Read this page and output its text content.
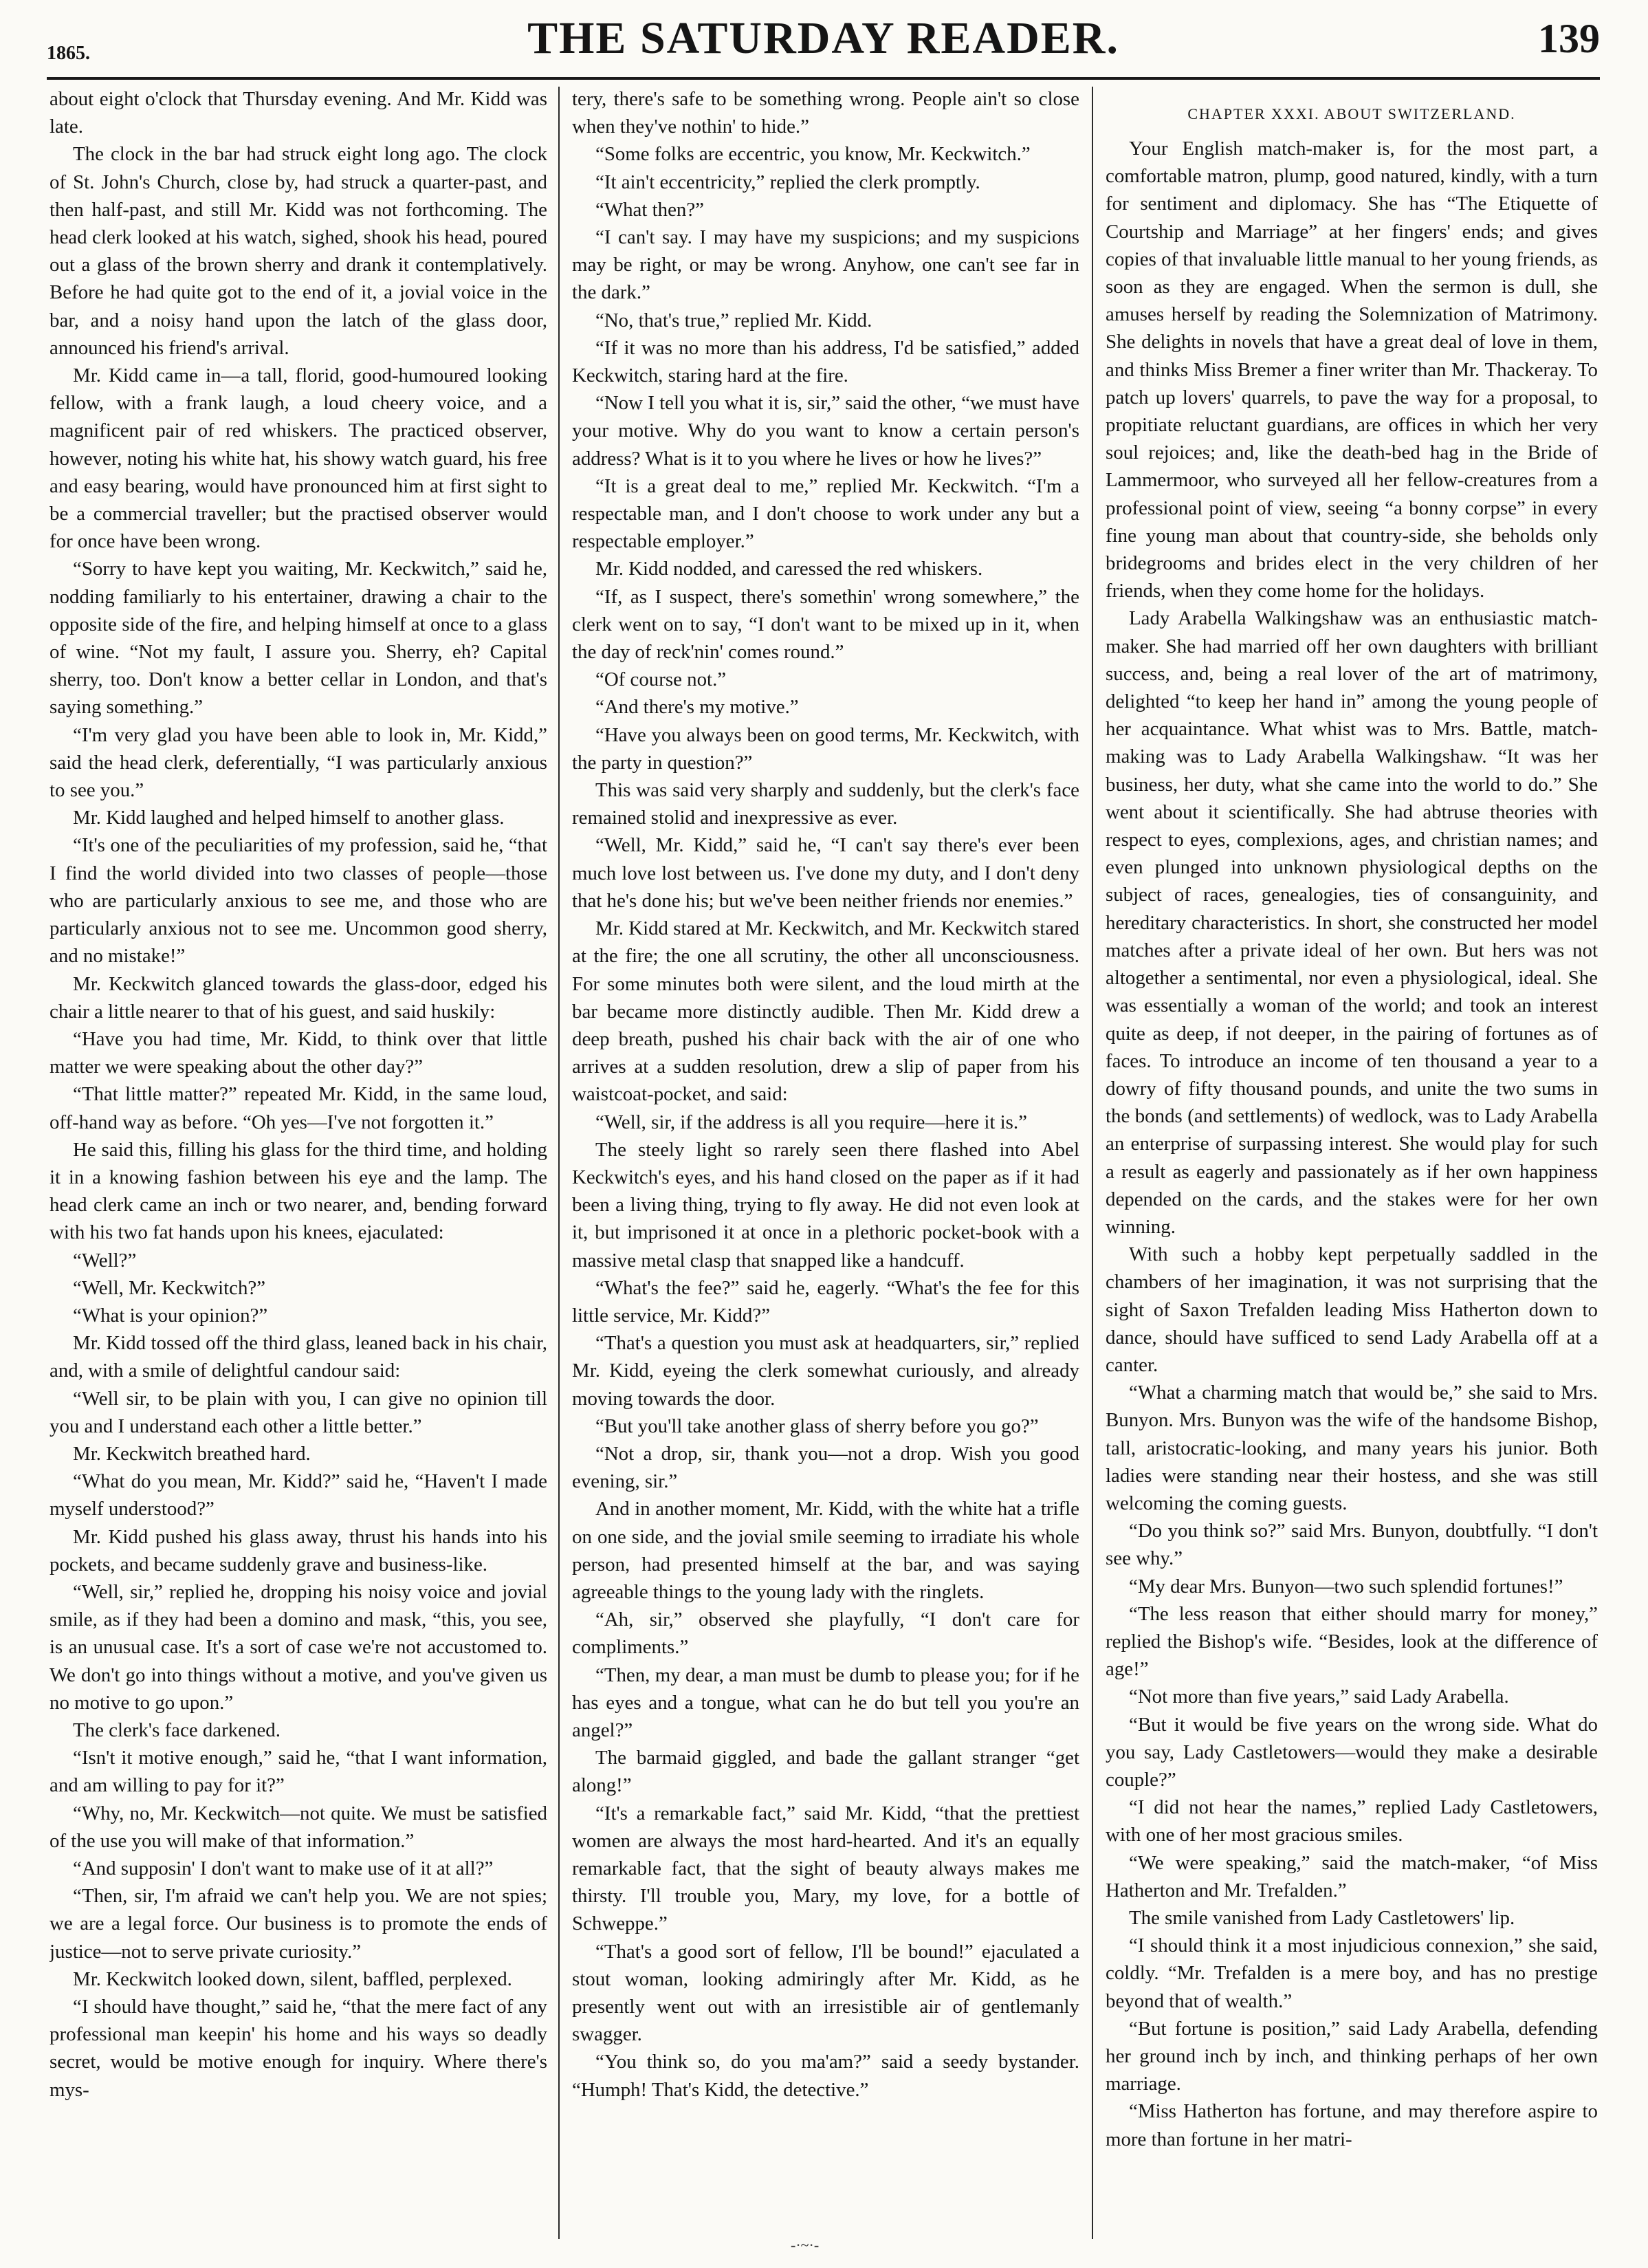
1865.	THE SATURDAY READER.	139

about eight o'clock that Thursday evening. And Mr. Kidd was late.

The clock in the bar had struck eight long ago. The clock of St. John's Church, close by, had struck a quarter-past, and then half-past, and still Mr. Kidd was not forthcoming. The head clerk looked at his watch, sighed, shook his head, poured out a glass of the brown sherry and drank it contemplatively. Before he had quite got to the end of it, a jovial voice in the bar, and a noisy hand upon the latch of the glass door, announced his friend's arrival.

Mr. Kidd came in—a tall, florid, good-humoured looking fellow, with a frank laugh, a loud cheery voice, and a magnificent pair of red whiskers. The practiced observer, however, noting his white hat, his showy watch guard, his free and easy bearing, would have pronounced him at first sight to be a commercial traveller; but the practised observer would for once have been wrong.

“Sorry to have kept you waiting, Mr. Keckwitch,” said he, nodding familiarly to his entertainer, drawing a chair to the opposite side of the fire, and helping himself at once to a glass of wine. “Not my fault, I assure you. Sherry, eh? Capital sherry, too. Don't know a better cellar in London, and that's saying something.”

“I'm very glad you have been able to look in, Mr. Kidd,” said the head clerk, deferentially, “I was particularly anxious to see you.”

Mr. Kidd laughed and helped himself to another glass.

“It's one of the peculiarities of my profession, said he, “that I find the world divided into two classes of people—those who are particularly anxious to see me, and those who are particularly anxious not to see me. Uncommon good sherry, and no mistake!”

Mr. Keckwitch glanced towards the glass-door, edged his chair a little nearer to that of his guest, and said huskily:

“Have you had time, Mr. Kidd, to think over that little matter we were speaking about the other day?”

“That little matter?” repeated Mr. Kidd, in the same loud, off-hand way as before. “Oh yes—I've not forgotten it.”

He said this, filling his glass for the third time, and holding it in a knowing fashion between his eye and the lamp. The head clerk came an inch or two nearer, and, bending forward with his two fat hands upon his knees, ejaculated:

“Well?”

“Well, Mr. Keckwitch?”

“What is your opinion?”

Mr. Kidd tossed off the third glass, leaned back in his chair, and, with a smile of delightful candour said:

“Well sir, to be plain with you, I can give no opinion till you and I understand each other a little better.”

Mr. Keckwitch breathed hard.

“What do you mean, Mr. Kidd?” said he, “Haven't I made myself understood?”

Mr. Kidd pushed his glass away, thrust his hands into his pockets, and became suddenly grave and business-like.

“Well, sir,” replied he, dropping his noisy voice and jovial smile, as if they had been a domino and mask, “this, you see, is an unusual case. It's a sort of case we're not accustomed to. We don't go into things without a motive, and you've given us no motive to go upon.”

The clerk's face darkened.

“Isn't it motive enough,” said he, “that I want information, and am willing to pay for it?”

“Why, no, Mr. Keckwitch—not quite. We must be satisfied of the use you will make of that information.”

“And supposin' I don't want to make use of it at all?”

“Then, sir, I'm afraid we can't help you. We are not spies; we are a legal force. Our business is to promote the ends of justice—not to serve private curiosity.”

Mr. Keckwitch looked down, silent, baffled, perplexed.

“I should have thought,” said he, “that the mere fact of any professional man keepin' his home and his ways so deadly secret, would be motive enough for inquiry. Where there's mys-

tery, there's safe to be something wrong. People ain't so close when they've nothin' to hide.”

“Some folks are eccentric, you know, Mr. Keckwitch.”

“It ain't eccentricity,” replied the clerk promptly.

“What then?”

“I can't say. I may have my suspicions; and my suspicions may be right, or may be wrong. Anyhow, one can't see far in the dark.”

“No, that's true,” replied Mr. Kidd.

“If it was no more than his address, I'd be satisfied,” added Keckwitch, staring hard at the fire.

“Now I tell you what it is, sir,” said the other, “we must have your motive. Why do you want to know a certain person's address? What is it to you where he lives or how he lives?”

“It is a great deal to me,” replied Mr. Keckwitch. “I'm a respectable man, and I don't choose to work under any but a respectable employer.”

Mr. Kidd nodded, and caressed the red whiskers.

“If, as I suspect, there's somethin' wrong somewhere,” the clerk went on to say, “I don't want to be mixed up in it, when the day of reck'nin' comes round.”

“Of course not.”

“And there's my motive.”

“Have you always been on good terms, Mr. Keckwitch, with the party in question?”

This was said very sharply and suddenly, but the clerk's face remained stolid and inexpressive as ever.

“Well, Mr. Kidd,” said he, “I can't say there's ever been much love lost between us. I've done my duty, and I don't deny that he's done his; but we've been neither friends nor enemies.”

Mr. Kidd stared at Mr. Keckwitch, and Mr. Keckwitch stared at the fire; the one all scrutiny, the other all unconsciousness. For some minutes both were silent, and the loud mirth at the bar became more distinctly audible. Then Mr. Kidd drew a deep breath, pushed his chair back with the air of one who arrives at a sudden resolution, drew a slip of paper from his waistcoat-pocket, and said:

“Well, sir, if the address is all you require—here it is.”

The steely light so rarely seen there flashed into Abel Keckwitch's eyes, and his hand closed on the paper as if it had been a living thing, trying to fly away. He did not even look at it, but imprisoned it at once in a plethoric pocket-book with a massive metal clasp that snapped like a handcuff.

“What's the fee?” said he, eagerly. “What's the fee for this little service, Mr. Kidd?”

“That's a question you must ask at headquarters, sir,” replied Mr. Kidd, eyeing the clerk somewhat curiously, and already moving towards the door.

“But you'll take another glass of sherry before you go?”

“Not a drop, sir, thank you—not a drop. Wish you good evening, sir.”

And in another moment, Mr. Kidd, with the white hat a trifle on one side, and the jovial smile seeming to irradiate his whole person, had presented himself at the bar, and was saying agreeable things to the young lady with the ringlets.

“Ah, sir,” observed she playfully, “I don't care for compliments.”

“Then, my dear, a man must be dumb to please you; for if he has eyes and a tongue, what can he do but tell you you're an angel?”

The barmaid giggled, and bade the gallant stranger “get along!”

“It's a remarkable fact,” said Mr. Kidd, “that the prettiest women are always the most hard-hearted. And it's an equally remarkable fact, that the sight of beauty always makes me thirsty. I'll trouble you, Mary, my love, for a bottle of Schweppe.”

“That's a good sort of fellow, I'll be bound!” ejaculated a stout woman, looking admiringly after Mr. Kidd, as he presently went out with an irresistible air of gentlemanly swagger.

“You think so, do you ma'am?” said a seedy bystander. “Humph! That's Kidd, the detective.”

CHAPTER XXXI. ABOUT SWITZERLAND.

Your English match-maker is, for the most part, a comfortable matron, plump, good natured, kindly, with a turn for sentiment and diplomacy. She has “The Etiquette of Courtship and Marriage” at her fingers' ends; and gives copies of that invaluable little manual to her young friends, as soon as they are engaged. When the sermon is dull, she amuses herself by reading the Solemnization of Matrimony. She delights in novels that have a great deal of love in them, and thinks Miss Bremer a finer writer than Mr. Thackeray. To patch up lovers' quarrels, to pave the way for a proposal, to propitiate reluctant guardians, are offices in which her very soul rejoices; and, like the death-bed hag in the Bride of Lammermoor, who surveyed all her fellow-creatures from a professional point of view, seeing “a bonny corpse” in every fine young man about that country-side, she beholds only bridegrooms and brides elect in the very children of her friends, when they come home for the holidays.

Lady Arabella Walkingshaw was an enthusiastic match-maker. She had married off her own daughters with brilliant success, and, being a real lover of the art of matrimony, delighted “to keep her hand in” among the young people of her acquaintance. What whist was to Mrs. Battle, match-making was to Lady Arabella Walkingshaw. “It was her business, her duty, what she came into the world to do.” She went about it scientifically. She had abtruse theories with respect to eyes, complexions, ages, and christian names; and even plunged into unknown physiological depths on the subject of races, genealogies, ties of consanguinity, and hereditary characteristics. In short, she constructed her model matches after a private ideal of her own. But hers was not altogether a sentimental, nor even a physiological, ideal. She was essentially a woman of the world; and took an interest quite as deep, if not deeper, in the pairing of fortunes as of faces. To introduce an income of ten thousand a year to a dowry of fifty thousand pounds, and unite the two sums in the bonds (and settlements) of wedlock, was to Lady Arabella an enterprise of surpassing interest. She would play for such a result as eagerly and passionately as if her own happiness depended on the cards, and the stakes were for her own winning.

With such a hobby kept perpetually saddled in the chambers of her imagination, it was not surprising that the sight of Saxon Trefalden leading Miss Hatherton down to dance, should have sufficed to send Lady Arabella off at a canter.

“What a charming match that would be,” she said to Mrs. Bunyon. Mrs. Bunyon was the wife of the handsome Bishop, tall, aristocratic-looking, and many years his junior. Both ladies were standing near their hostess, and she was still welcoming the coming guests.

“Do you think so?” said Mrs. Bunyon, doubtfully. “I don't see why.”

“My dear Mrs. Bunyon—two such splendid fortunes!”

“The less reason that either should marry for money,” replied the Bishop's wife. “Besides, look at the difference of age!”

“Not more than five years,” said Lady Arabella.

“But it would be five years on the wrong side. What do you say, Lady Castletowers—would they make a desirable couple?”

“I did not hear the names,” replied Lady Castletowers, with one of her most gracious smiles.

“We were speaking,” said the match-maker, “of Miss Hatherton and Mr. Trefalden.”

The smile vanished from Lady Castletowers' lip.

“I should think it a most injudicious connexion,” she said, coldly. “Mr. Trefalden is a mere boy, and has no prestige beyond that of wealth.”

“But fortune is position,” said Lady Arabella, defending her ground inch by inch, and thinking perhaps of her own marriage.

“Miss Hatherton has fortune, and may therefore aspire to more than fortune in her matri-

-·~·-
